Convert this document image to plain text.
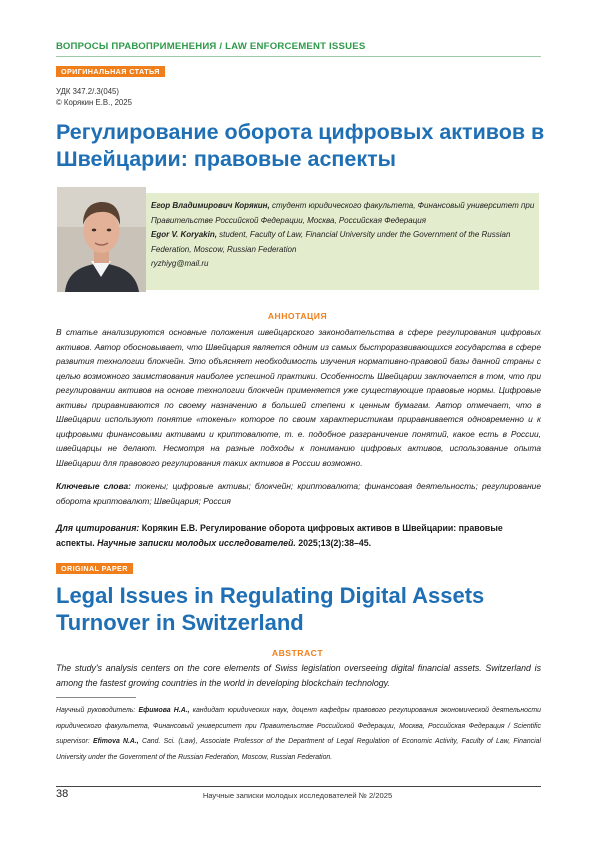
ВОПРОСЫ ПРАВОПРИМЕНЕНИЯ / LAW ENFORCEMENT ISSUES
ОРИГИНАЛЬНАЯ СТАТЬЯ
УДК 347.2/.3(045)
© Корякин Е.В., 2025
Регулирование оборота цифровых активов в Швейцарии: правовые аспекты
Егор Владимирович Корякин, студент юридического факультета, Финансовый университет при Правительстве Российской Федерации, Москва, Российская Федерация
Egor V. Koryakin, student, Faculty of Law, Financial University under the Government of the Russian Federation, Moscow, Russian Federation
ryzhiyg@mail.ru
АННОТАЦИЯ
В статье анализируются основные положения швейцарского законодательства в сфере регулирования цифровых активов. Автор обосновывает, что Швейцария является одним из самых быстроразвивающихся государства в сфере развития технологии блокчейн. Это объясняет необходимость изучения нормативно-правовой базы данной страны с целью возможного заимствования наиболее успешной практики. Особенность Швейцарии заключается в том, что при регулировании активов на основе технологии блокчейн применяется уже существующие правовые нормы. Цифровые активы приравниваются по своему назначению в большей степени к ценным бумагам. Автор отмечает, что в Швейцарии используют понятие «токены» которое по своим характеристикам приравнивается одновременно и к цифровыми финансовыми активами и криптовалюте, т. е. подобное разграничение понятий, какое есть в России, швейцарцы не делают. Несмотря на разные подходы к пониманию цифровых активов, использование опыта Швейцарии для правового регулирования таких активов в России возможно.
Ключевые слова: токены; цифровые активы; блокчейн; криптовалюта; финансовая деятельность; регулирование оборота криптовалют; Швейцария; Россия
Для цитирования: Корякин Е.В. Регулирование оборота цифровых активов в Швейцарии: правовые аспекты. Научные записки молодых исследователей. 2025;13(2):38–45.
ORIGINAL PAPER
Legal Issues in Regulating Digital Assets Turnover in Switzerland
ABSTRACT
The study's analysis centers on the core elements of Swiss legislation overseeing digital financial assets. Switzerland is among the fastest growing countries in the world in developing blockchain technology.
Научный руководитель: Ефимова Н.А., кандидат юридических наук, доцент кафедры правового регулирования экономической деятельности юридического факультета, Финансовый университет при Правительстве Российской Федерации, Москва, Российская Федерация / Scientific supervisor: Efimova N.A., Cand. Sci. (Law), Associate Professor of the Department of Legal Regulation of Economic Activity, Faculty of Law, Financial University under the Government of the Russian Federation, Moscow, Russian Federation.
38	Научные записки молодых исследователей № 2/2025
